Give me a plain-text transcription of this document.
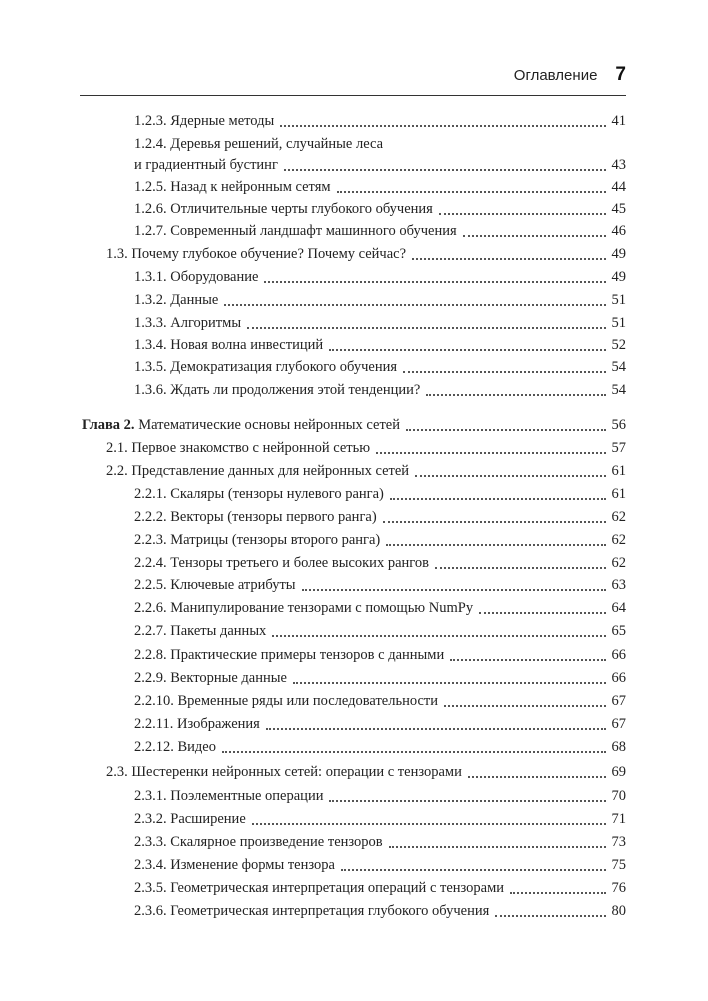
Оглавление 7
1.2.3. Ядерные методы	41
1.2.4. Деревья решений, случайные леса
и градиентный бустинг	43
1.2.5. Назад к нейронным сетям	44
1.2.6. Отличительные черты глубокого обучения	45
1.2.7. Современный ландшафт машинного обучения	46
1.3. Почему глубокое обучение? Почему сейчас?	49
1.3.1. Оборудование	49
1.3.2. Данные	51
1.3.3. Алгоритмы	51
1.3.4. Новая волна инвестиций	52
1.3.5. Демократизация глубокого обучения	54
1.3.6. Ждать ли продолжения этой тенденции?	54
Глава 2. Математические основы нейронных сетей	56
2.1. Первое знакомство с нейронной сетью	57
2.2. Представление данных для нейронных сетей	61
2.2.1. Скаляры (тензоры нулевого ранга)	61
2.2.2. Векторы (тензоры первого ранга)	62
2.2.3. Матрицы (тензоры второго ранга)	62
2.2.4. Тензоры третьего и более высоких рангов	62
2.2.5. Ключевые атрибуты	63
2.2.6. Манипулирование тензорами с помощью NumPy	64
2.2.7. Пакеты данных	65
2.2.8. Практические примеры тензоров с данными	66
2.2.9. Векторные данные	66
2.2.10. Временные ряды или последовательности	67
2.2.11. Изображения	67
2.2.12. Видео	68
2.3. Шестеренки нейронных сетей: операции с тензорами	69
2.3.1. Поэлементные операции	70
2.3.2. Расширение	71
2.3.3. Скалярное произведение тензоров	73
2.3.4. Изменение формы тензора	75
2.3.5. Геометрическая интерпретация операций с тензорами	76
2.3.6. Геометрическая интерпретация глубокого обучения	80
